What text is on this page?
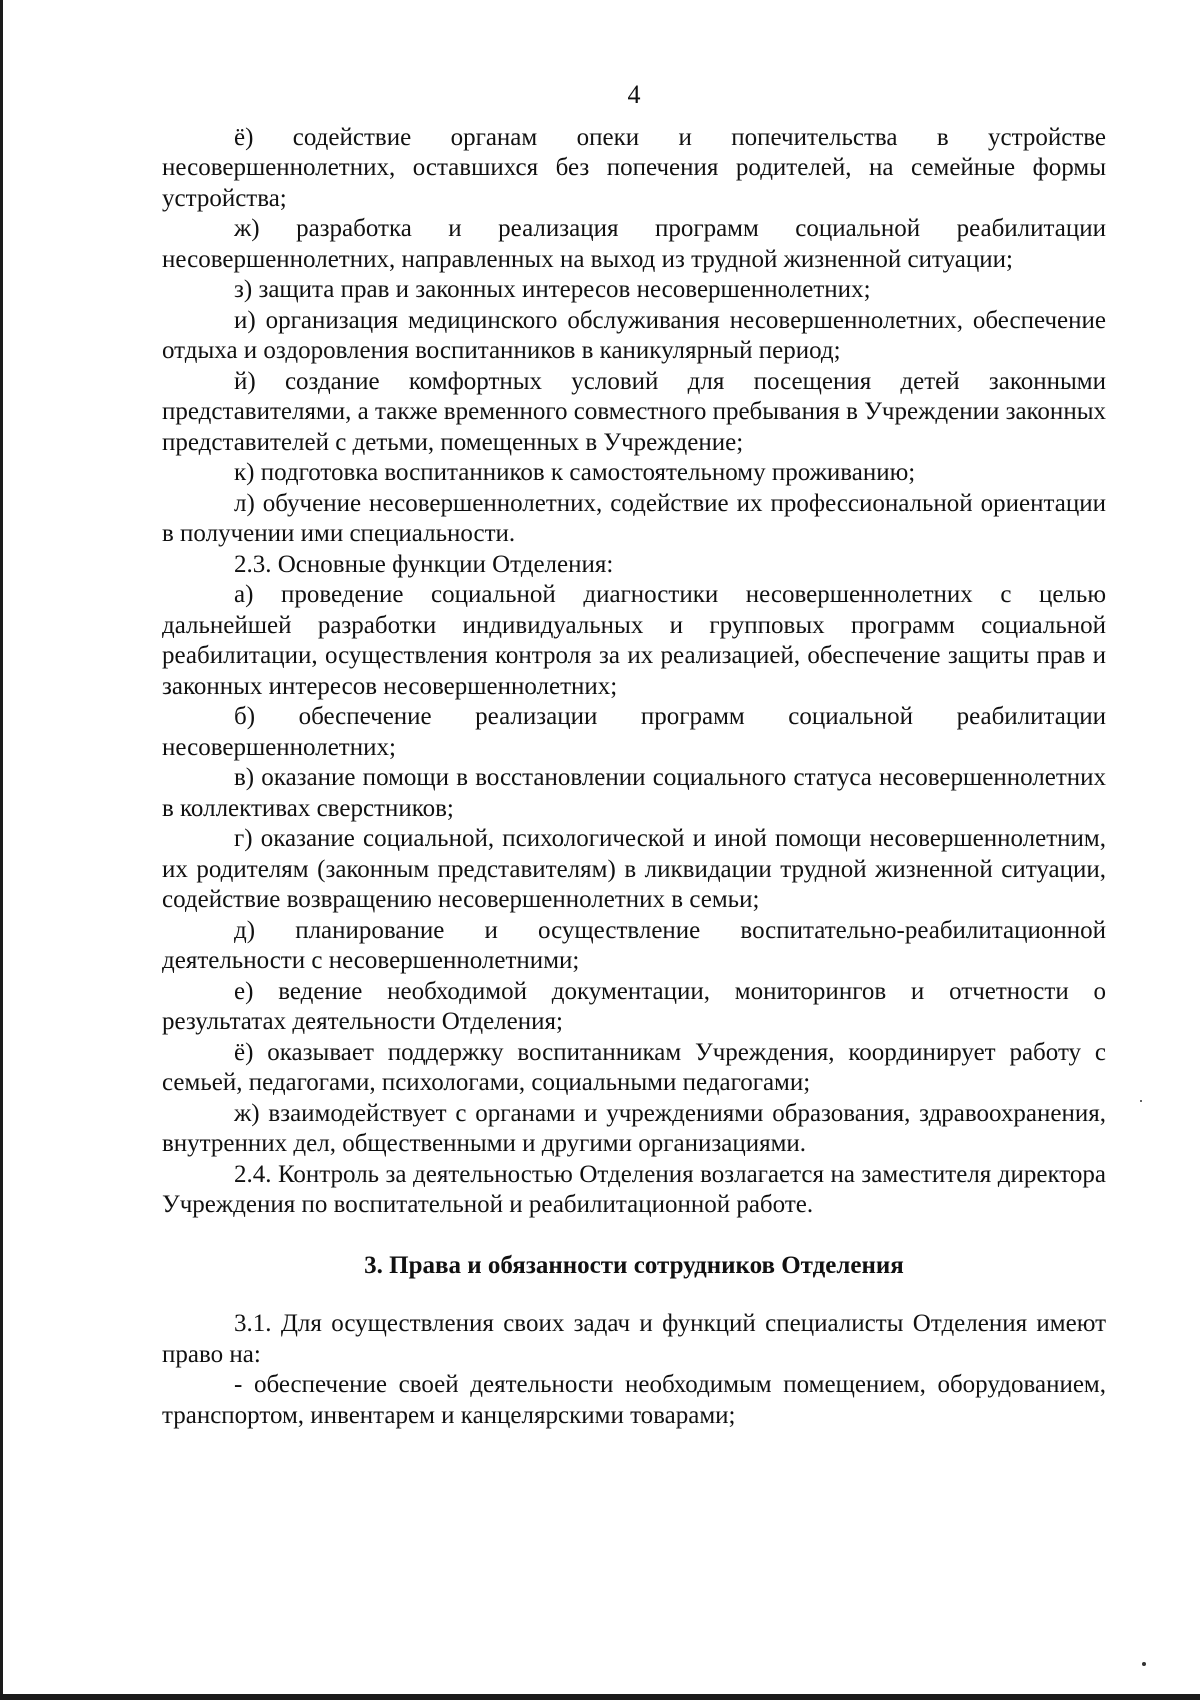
4

ё) содействие органам опеки и попечительства в устройстве несовершеннолетних, оставшихся без попечения родителей, на семейные формы устройства;

ж) разработка и реализация программ социальной реабилитации несовершеннолетних, направленных на выход из трудной жизненной ситуации;

з) защита прав и законных интересов несовершеннолетних;

и) организация медицинского обслуживания несовершеннолетних, обеспечение отдыха и оздоровления воспитанников в каникулярный период;

й) создание комфортных условий для посещения детей законными представителями, а также временного совместного пребывания в Учреждении законных представителей с детьми, помещенных в Учреждение;

к) подготовка воспитанников к самостоятельному проживанию;

л) обучение несовершеннолетних, содействие их профессиональной ориентации в получении ими специальности.

2.3. Основные функции Отделения:

а) проведение социальной диагностики несовершеннолетних с целью дальнейшей разработки индивидуальных и групповых программ социальной реабилитации, осуществления контроля за их реализацией, обеспечение защиты прав и законных интересов несовершеннолетних;

б) обеспечение реализации программ социальной реабилитации несовершеннолетних;

в) оказание помощи в восстановлении социального статуса несовершеннолетних в коллективах сверстников;

г) оказание социальной, психологической и иной помощи несовершеннолетним, их родителям (законным представителям) в ликвидации трудной жизненной ситуации, содействие возвращению несовершеннолетних в семьи;

д) планирование и осуществление воспитательно-реабилитационной деятельности с несовершеннолетними;

е) ведение необходимой документации, мониторингов и отчетности о результатах деятельности Отделения;

ё) оказывает поддержку воспитанникам Учреждения, координирует работу с семьей, педагогами, психологами, социальными педагогами;

ж) взаимодействует с органами и учреждениями образования, здравоохранения, внутренних дел, общественными и другими организациями.

2.4. Контроль за деятельностью Отделения возлагается на заместителя директора Учреждения по воспитательной и реабилитационной работе.

3. Права и обязанности сотрудников Отделения

3.1. Для осуществления своих задач и функций специалисты Отделения имеют право на:

- обеспечение своей деятельности необходимым помещением, оборудованием, транспортом, инвентарем и канцелярскими товарами;
